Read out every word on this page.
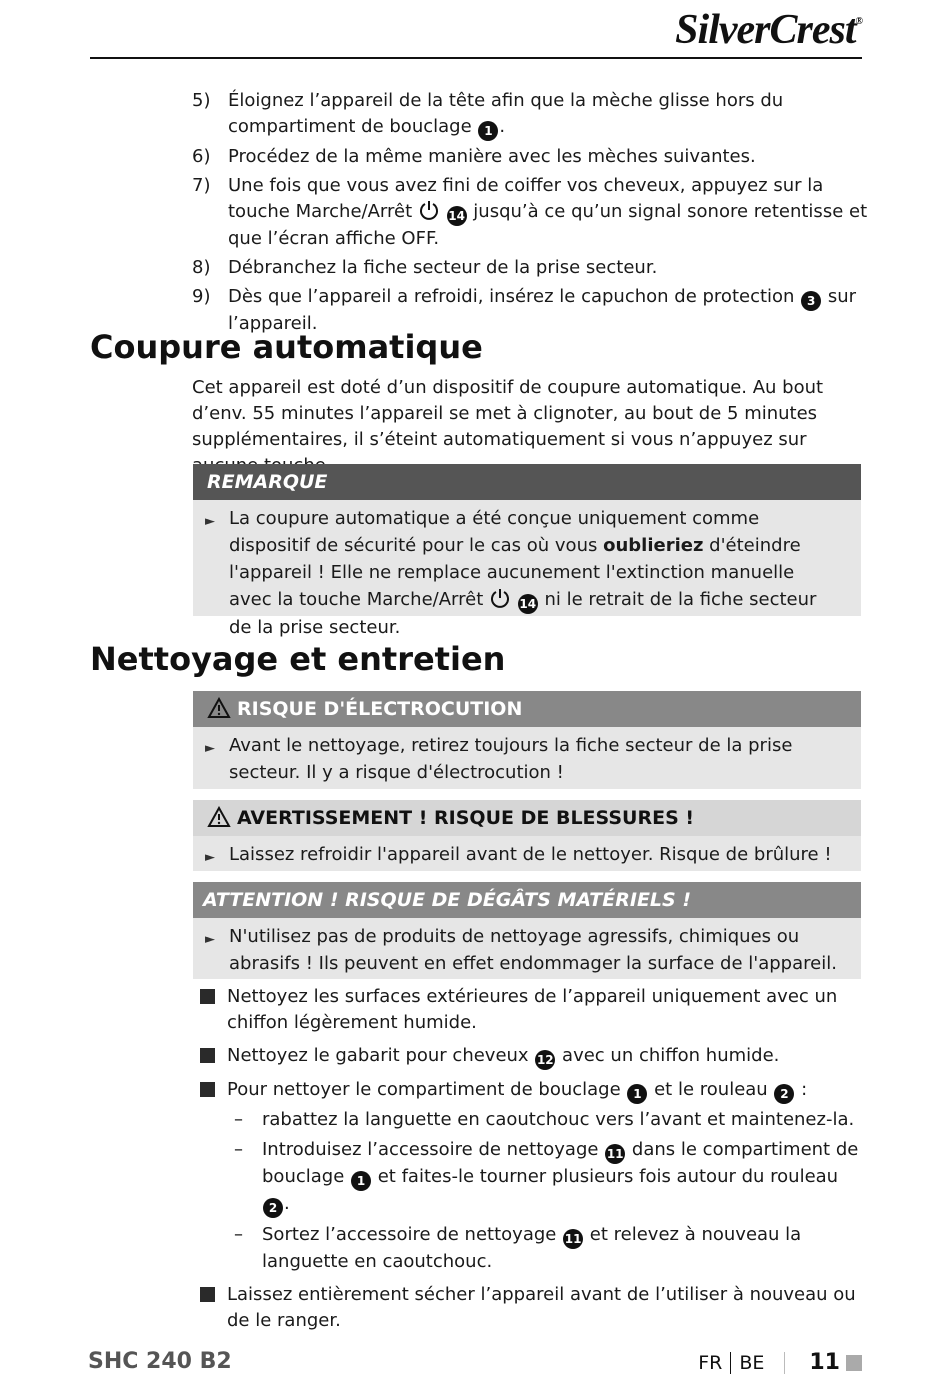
SilverCrest®
5) Éloignez l’appareil de la tête afin que la mèche glisse hors du compartiment de bouclage 1 .
6) Procédez de la même manière avec les mèches suivantes.
7) Une fois que vous avez fini de coiffer vos cheveux, appuyez sur la touche Marche/Arrêt	14 jusqu’à ce qu’un signal sonore retentisse et que l’écran affiche OFF.
8) Débranchez la fiche secteur de la prise secteur.
9) Dès que l’appareil a refroidi, insérez le capuchon de protection 3 sur l’appareil.
Coupure automatique
Cet appareil est doté d’un dispositif de coupure automatique. Au bout d’env. 55 minutes l’appareil se met à clignoter, au bout de 5 minutes supplémentaires, il s’éteint automatiquement si vous n’appuyez sur
REMARQUE
► La coupure automatique a été conçue uniquement comme dispositif de sécurité pour le cas où vous oublieriez d'éteindre l'appareil ! Elle ne remplace aucunement l'extinction manuelle avec la touche Marche/Arrêt	14 ni le retrait de la fiche secteur de la prise secteur.
Nettoyage et entretien
RISQUE D'ÉLECTROCUTION
► Avant le nettoyage, retirez toujours la fiche secteur de la prise secteur. Il y a risque d'électrocution !
AVERTISSEMENT ! RISQUE DE BLESSURES !
► Laissez refroidir l'appareil avant de le nettoyer. Risque de brûlure !
ATTENTION ! RISQUE DE DÉGÂTS MATÉRIELS !
► N'utilisez pas de produits de nettoyage agressifs, chimiques ou abrasifs ! Ils peuvent en effet endommager la surface de l'appareil.
Nettoyez les surfaces extérieures de l’appareil uniquement avec un chiffon légèrement humide.
Nettoyez le gabarit pour cheveux 12 avec un chiffon humide.
Pour nettoyer le compartiment de bouclage 1 et le rouleau 2 :
– rabattez la languette en caoutchouc vers l’avant et maintenez-la.
– Introduisez l’accessoire de nettoyage 11 dans le compartiment de bouclage 1 et faites-le tourner plusieurs fois autour du rouleau 2 .
– Sortez l’accessoire de nettoyage 11 et relevez à nouveau la languette en caoutchouc.
Laissez entièrement sécher l’appareil avant de l’utiliser à nouveau ou de le ranger.
SHC 240 B2	FR BE 11
